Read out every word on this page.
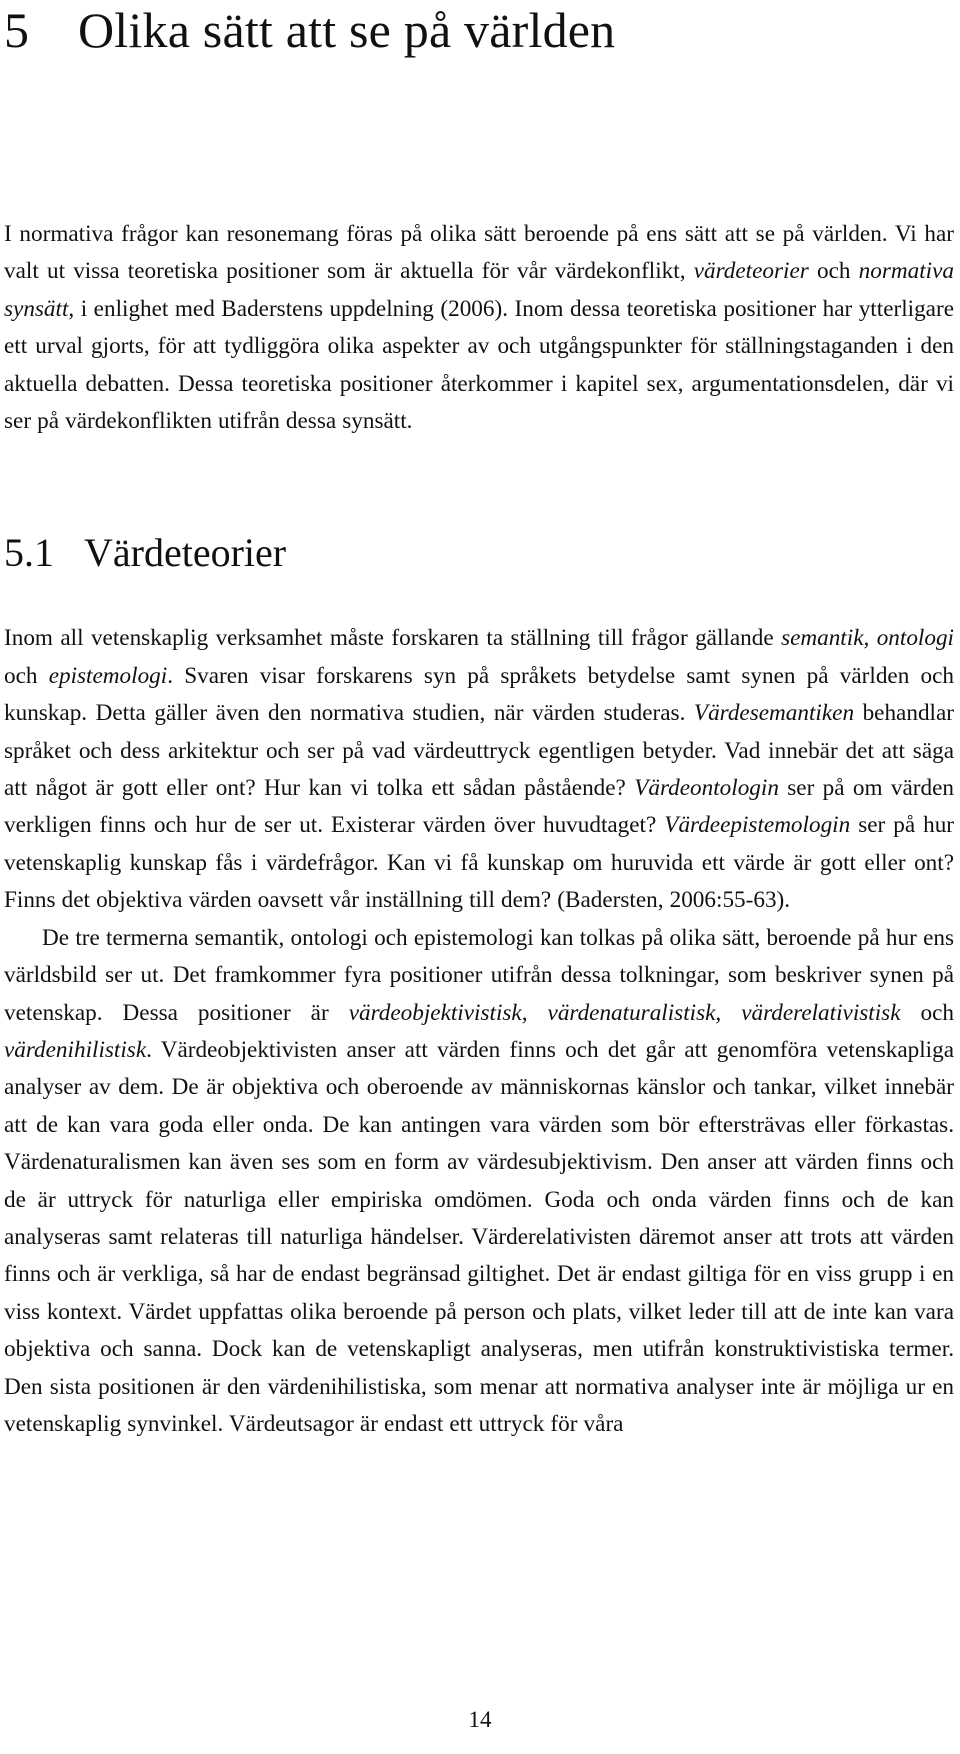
5 Olika sätt att se på världen

I normativa frågor kan resonemang föras på olika sätt beroende på ens sätt att se på världen. Vi har valt ut vissa teoretiska positioner som är aktuella för vår värdekonflikt, värdeteorier och normativa synsätt, i enlighet med Baderstens uppdelning (2006). Inom dessa teoretiska positioner har ytterligare ett urval gjorts, för att tydliggöra olika aspekter av och utgångspunkter för ställningstaganden i den aktuella debatten. Dessa teoretiska positioner återkommer i kapitel sex, argumentationsdelen, där vi ser på värdekonflikten utifrån dessa synsätt.

5.1 Värdeteorier

Inom all vetenskaplig verksamhet måste forskaren ta ställning till frågor gällande semantik, ontologi och epistemologi. Svaren visar forskarens syn på språkets betydelse samt synen på världen och kunskap. Detta gäller även den normativa studien, när värden studeras. Värdesemantiken behandlar språket och dess arkitektur och ser på vad värdeuttryck egentligen betyder. Vad innebär det att säga att något är gott eller ont? Hur kan vi tolka ett sådan påstående? Värdeontologin ser på om värden verkligen finns och hur de ser ut. Existerar värden över huvudtaget? Värdeepistemologin ser på hur vetenskaplig kunskap fås i värdefrågor. Kan vi få kunskap om huruvida ett värde är gott eller ont? Finns det objektiva värden oavsett vår inställning till dem? (Badersten, 2006:55-63).

De tre termerna semantik, ontologi och epistemologi kan tolkas på olika sätt, beroende på hur ens världsbild ser ut. Det framkommer fyra positioner utifrån dessa tolkningar, som beskriver synen på vetenskap. Dessa positioner är värdeobjektivistisk, värdenaturalistisk, värderelativistisk och värdenihilistisk. Värdeobjektivisten anser att värden finns och det går att genomföra vetenskapliga analyser av dem. De är objektiva och oberoende av människornas känslor och tankar, vilket innebär att de kan vara goda eller onda. De kan antingen vara värden som bör eftersträvas eller förkastas. Värdenaturalismen kan även ses som en form av värdesubjektivism. Den anser att värden finns och de är uttryck för naturliga eller empiriska omdömen. Goda och onda värden finns och de kan analyseras samt relateras till naturliga händelser. Värderelativisten däremot anser att trots att värden finns och är verkliga, så har de endast begränsad giltighet. Det är endast giltiga för en viss grupp i en viss kontext. Värdet uppfattas olika beroende på person och plats, vilket leder till att de inte kan vara objektiva och sanna. Dock kan de vetenskapligt analyseras, men utifrån konstruktivistiska termer. Den sista positionen är den värdenihilistiska, som menar att normativa analyser inte är möjliga ur en vetenskaplig synvinkel. Värdeutsagor är endast ett uttryck för våra

14
